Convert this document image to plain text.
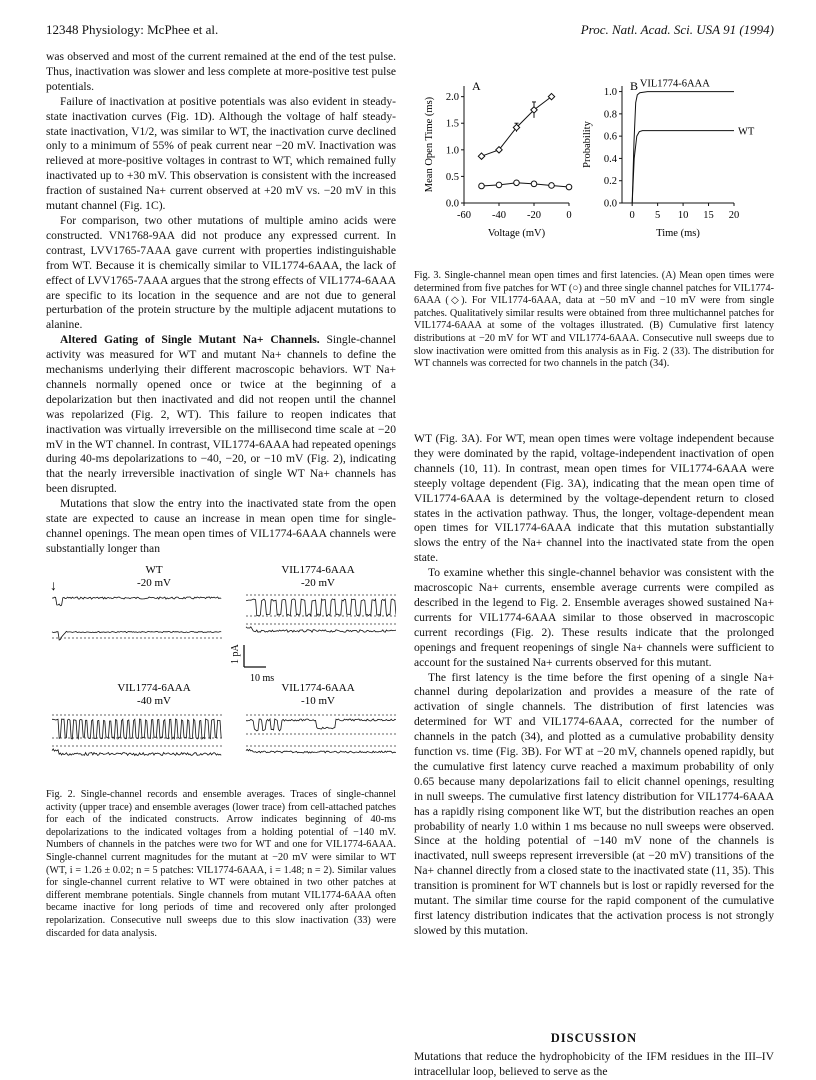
12348 Physiology: McPhee et al.	Proc. Natl. Acad. Sci. USA 91 (1994)

was observed and most of the current remained at the end of the test pulse. Thus, inactivation was slower and less complete at more-positive test pulse potentials.

Failure of inactivation at positive potentials was also evident in steady-state inactivation curves (Fig. 1D). Although the voltage of half steady-state inactivation, V1/2, was similar to WT, the inactivation curve declined only to a minimum of 55% of peak current near −20 mV. Inactivation was relieved at more-positive voltages in contrast to WT, which remained fully inactivated up to +30 mV. This observation is consistent with the increased fraction of sustained Na+ current observed at +20 mV vs. −20 mV in this mutant channel (Fig. 1C).

For comparison, two other mutations of multiple amino acids were constructed. VN1768-9AA did not produce any expressed current. In contrast, LVV1765-7AAA gave current with properties indistinguishable from WT. Because it is chemically similar to VIL1774-6AAA, the lack of effect of LVV1765-7AAA argues that the strong effects of VIL1774-6AAA are specific to its location in the sequence and are not due to general perturbation of the protein structure by the multiple adjacent mutations to alanine.

Altered Gating of Single Mutant Na+ Channels. Single-channel activity was measured for WT and mutant Na+ channels to define the mechanisms underlying their different macroscopic behaviors. WT Na+ channels normally opened once or twice at the beginning of a depolarization but then inactivated and did not reopen until the channel was repolarized (Fig. 2, WT). This failure to reopen indicates that inactivation was virtually irreversible on the millisecond time scale at −20 mV in the WT channel. In contrast, VIL1774-6AAA had repeated openings during 40-ms depolarizations to −40, −20, or −10 mV (Fig. 2), indicating that the nearly irreversible inactivation of single WT Na+ channels has been disrupted.

Mutations that slow the entry into the inactivated state from the open state are expected to cause an increase in mean open time for single-channel openings. The mean open times of VIL1774-6AAA channels were substantially longer than

WT
-20 mV
VIL1774-6AAA
-20 mV
VIL1774-6AAA
-40 mV
VIL1774-6AAA
-10 mV
↓
1 pA
10 ms
Fig. 2. Single-channel records and ensemble averages. Traces of single-channel activity (upper trace) and ensemble averages (lower trace) from cell-attached patches for each of the indicated constructs. Arrow indicates beginning of 40-ms depolarizations to the indicated voltages from a holding potential of −140 mV. Numbers of channels in the patches were two for WT and one for VIL1774-6AAA. Single-channel current magnitudes for the mutant at −20 mV were similar to WT (WT, i = 1.26 ± 0.02; n = 5 patches: VIL1774-6AAA, i = 1.48; n = 2). Similar values for single-channel current relative to WT were obtained in two other patches at different membrane potentials. Single channels from mutant VIL1774-6AAA often became inactive for long periods of time and recovered only after prolonged repolarization. Consecutive null sweeps due to this slow inactivation (33) were discarded for data analysis.
0.0
0.5
1.0
1.5
2.0
-60 -40 -20 0
Voltage (mV)
Mean Open Time (ms)
A
0.0
0.2
0.4
0.6
0.8
1.0
0 5 10 15 20
Time (ms)
Probability
B VIL1774-6AAA
WT
Fig. 3. Single-channel mean open times and first latencies. (A) Mean open times were determined from five patches for WT (○) and three single channel patches for VIL1774-6AAA (◇). For VIL1774-6AAA, data at −50 mV and −10 mV were from single patches. Qualitatively similar results were obtained from three multichannel patches for VIL1774-6AAA at some of the voltages illustrated. (B) Cumulative first latency distributions at −20 mV for WT and VIL1774-6AAA. Consecutive null sweeps due to slow inactivation were omitted from this analysis as in Fig. 2 (33). The distribution for WT channels was corrected for two channels in the patch (34).

WT (Fig. 3A). For WT, mean open times were voltage independent because they were dominated by the rapid, voltage-independent inactivation of open channels (10, 11). In contrast, mean open times for VIL1774-6AAA were steeply voltage dependent (Fig. 3A), indicating that the mean open time of VIL1774-6AAA is determined by the voltage-dependent return to closed states in the activation pathway. Thus, the longer, voltage-dependent mean open times for VIL1774-6AAA indicate that this mutation substantially slows the entry of the Na+ channel into the inactivated state from the open state.

To examine whether this single-channel behavior was consistent with the macroscopic Na+ currents, ensemble average currents were compiled as described in the legend to Fig. 2. Ensemble averages showed sustained Na+ currents for VIL1774-6AAA similar to those observed in macroscopic current recordings (Fig. 2). These results indicate that the prolonged openings and frequent reopenings of single Na+ channels were sufficient to account for the sustained Na+ currents observed for this mutant.

The first latency is the time before the first opening of a single Na+ channel during depolarization and provides a measure of the rate of activation of single channels. The distribution of first latencies was determined for WT and VIL1774-6AAA, corrected for the number of channels in the patch (34), and plotted as a cumulative probability density function vs. time (Fig. 3B). For WT at −20 mV, channels opened rapidly, but the cumulative first latency curve reached a maximum probability of only 0.65 because many depolarizations fail to elicit channel openings, resulting in null sweeps. The cumulative first latency distribution for VIL1774-6AAA has a rapidly rising component like WT, but the distribution reaches an open probability of nearly 1.0 within 1 ms because no null sweeps were observed. Since at the holding potential of −140 mV none of the channels is inactivated, null sweeps represent irreversible (at −20 mV) transitions of the Na+ channel directly from a closed state to the inactivated state (11, 35). This transition is prominent for WT channels but is lost or rapidly reversed for the mutant. The similar time course for the rapid component of the cumulative first latency distribution indicates that the activation process is not strongly slowed by this mutation.

DISCUSSION
Mutations that reduce the hydrophobicity of the IFM residues in the III–IV intracellular loop, believed to serve as the
